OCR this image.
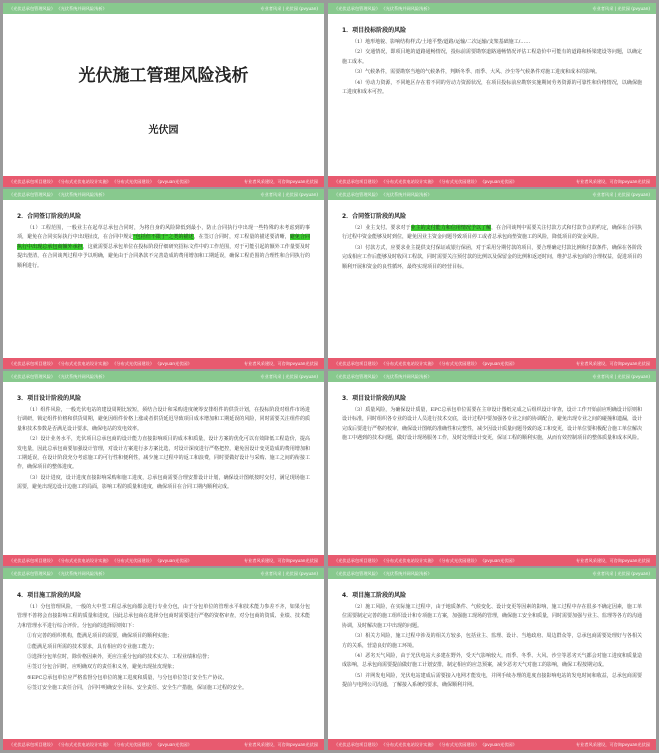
《光伏总承包管理风险》 《光伏系统并网风险浅析》	专业者风采 | 光伏园 (pvyuan)
光伏施工管理风险浅析
光伏园
《光伏总承包项目建设》 《分布式光伏电站设计实施》 《分布式光伏园建设》 《pvyuan光伏园》	专业者风采建设，可咨询pvyuan光伏园
《光伏总承包管理风险》 《光伏系统并网风险浅析》	专业者风采 | 光伏园 (pvyuan)
1．项目投标阶段的风险

（1）地形地貌、影响结构样式/土地平整/道路/运输/二次运输/支架基础施工/……

（2）交通情况，即项目地的道路通畅情况，投标前需要勘察道路通畅情况评估工程造价中可能有的道路和桥梁建设等问题，以确定施工成本。

（3）气候条件，需要勘察当地的气候条件，判断冬季、雨季、大风、沙尘等气候条件对施工进度和成本的影响。

（4）劳动力资源，不同地区存在着不同的劳动力资源状况，在项目投标前应勘察实施期间劳务资源的可靠性和价格情况，以确保施工进度和成本可控。

《光伏总承包项目建设》 《分布式光伏电站设计实施》 《分布式光伏园建设》 《pvyuan光伏园》	专业者风采建设，可咨询pvyuan光伏园
《光伏总承包管理风险》 《光伏系统并网风险浅析》	专业者风采 | 光伏园 (pvyuan)
2．合同签订阶段的风险

（1）工程范围，一般业主在起草总承包合同时，为将自身的风险降低到最小，防止合同执行中出现一些特殊的未考虑到的事项，避免在合同实际执行中出现扯皮，在合同中规定"包括但不限于"之类的描述，在签订合同时，对工程量的描述要清晰，避免合同执行中出现总承包商额外承担，这就需要总承包单位在投标阶段仔细研究招标文件中的工作范围，对于可能引起的额外工作量要及时提出澄清，在合同谈判过程中予以明确，避免由于合同条款不完善造成的费用增加和工期延误，确保工程范围的合理性和合同执行的顺利进行。

《光伏总承包项目建设》 《分布式光伏电站设计实施》 《分布式光伏园建设》 《pvyuan光伏园》	专业者风采建设，可咨询pvyuan光伏园
《光伏总承包管理风险》 《光伏系统并网风险浅析》	专业者风采 | 光伏园 (pvyuan)
2．合同签订阶段的风险

（2）业主支付。要求对于业主的支付能力和信用情况予以了解，在合同谈判中需要关注付款方式和付款节点的约定，确保在合同执行过程中资金能够及时到位，避免因业主资金问题导致项目停工或者总承包商垫资施工的风险，降低项目的资金风险。

（3）付款方式，应要求业主提供支付保证或银行保函，对于采用分期付款的项目，要合理确定付款比例和付款条件，确保在各阶段完成相应工作后能够及时收回工程款，同时需要关注预付款的比例以及保留金的比例和返还时间，维护总承包商的合理权益，促进项目的顺利开展和资金的良性循环，最终实现项目的经营目标。

《光伏总承包项目建设》 《分布式光伏电站设计实施》 《分布式光伏园建设》 《pvyuan光伏园》	专业者风采建设，可咨询pvyuan光伏园
《光伏总承包管理风险》 《光伏系统并网风险浅析》	专业者风采 | 光伏园 (pvyuan)
3．项目设计阶段的风险

（1）组件风险，一般光伏电站的建设周期比较短，须结合设计和采购进度统筹安排组件的供货计划，在投标阶段对组件市场进行调研，锁定组件价格和供货周期，避免因组件价格上涨或者供货延迟导致项目成本增加和工期延误的风险，同时需要关注组件的质量和技术参数是否满足设计要求，确保电站的发电效率。

（2）设计业务水平，光伏项目总承包商的设计能力直接影响项目的成本和质量，设计方案的优化可以有效降低工程造价，提高发电量，因此总承包商要加强设计管理，对设计方案进行多方案比选，对设计深度进行严格把控，避免因设计变更造成的费用增加和工期延误，在设计阶段充分考虑施工的可行性和便利性，减少施工过程中的返工和浪费，同时要做好设计与采购、施工之间的衔接工作，确保项目的整体进度。

（3）设计进度，设计进度直接影响采购和施工进度，总承包商需要合理安排设计计划，确保设计图纸按时交付，满足现场施工需要，避免出现边设计边施工的局面，影响工程的质量和进度，确保项目在合同工期内顺利完成。

《光伏总承包项目建设》 《分布式光伏电站设计实施》 《分布式光伏园建设》 《pvyuan光伏园》	专业者风采建设，可咨询pvyuan光伏园
《光伏总承包管理风险》 《光伏系统并网风险浅析》	专业者风采 | 光伏园 (pvyuan)
3．项目设计阶段的风险

（3）质量风险，为确保设计质量，EPC总承包单位需要在主审设计图纸完成之后组织设计审查，设计工作开始前应明确设计原则和设计标准，同时组织各专业的设计人员进行技术交底，设计过程中要加强各专业之间的协调配合，避免出现专业之间的碰撞和遗漏，设计完成后要进行严格的校审，确保设计图纸的准确性和完整性，减少因设计质量问题导致的返工和变更，设计单位要积极配合施工单位解决施工中遇到的技术问题，做好设计现场服务工作，及时处理设计变更，保证工程的顺利实施，从而有效控制项目的整体质量和成本风险。

《光伏总承包项目建设》 《分布式光伏电站设计实施》 《分布式光伏园建设》 《pvyuan光伏园》	专业者风采建设，可咨询pvyuan光伏园
《光伏总承包管理风险》 《光伏系统并网风险浅析》	专业者风采 | 光伏园 (pvyuan)
4．项目施工阶段的风险

（1）分包管理风险，一般的大中型工程总承包商都会进行专业分包，由于分包单位的管理水平和技术能力参差不齐，如果分包管理不善将会直接影响工程的质量和进度，因此总承包商在选择分包商时需要进行严格的资格审查，对分包商的资质、业绩、技术能力和管理水平进行综合评价。分包商的选择原则如下：

①有完善的组织机构，能满足项目的需要，确保项目的顺利实施；

②能满足项目所需的技术要求，具有相应的专业施工能力；

③选择分包单位时，除价格因素外，更应注重分包商的技术实力、工程业绩和信誉；

④签订分包合同时，应明确双方的责任和义务，避免出现扯皮现象；

⑤EPC总承包单位应严格监督分包单位的施工进度和质量，与分包单位签订安全生产协议。

⑥签订安全施工责任合同，合同中明确安全目标、安全责任、安全生产措施，保证施工过程的安全。

《光伏总承包项目建设》 《分布式光伏电站设计实施》 《分布式光伏园建设》 《pvyuan光伏园》	专业者风采建设，可咨询pvyuan光伏园
《光伏总承包管理风险》 《光伏系统并网风险浅析》	专业者风采 | 光伏园 (pvyuan)
4．项目施工阶段的风险

（2）施工风险，在实际施工过程中，由于地质条件、气候变化、设计变更等因素的影响，施工过程中存在很多不确定因素，施工单位需要制定完善的施工组织设计和专项施工方案，加强施工现场的管理，确保施工安全和质量，同时需要加强与业主、监理等各方的沟通协调，及时解决施工中出现的问题。

（3）相关方风险，施工过程中涉及的相关方较多，包括业主、监理、设计、当地政府、周边群众等，总承包商需要处理好与各相关方的关系，营造良好的施工环境。

（4）恶劣天气风险，由于光伏电站大多建在野外，受天气影响较大，雨季、冬季、大风、沙尘等恶劣天气都会对施工进度和质量造成影响，总承包商需要提前做好施工计划安排，制定相应的应急预案，减少恶劣天气对施工的影响，确保工程按期完成。

（5）并网发电风险，光伏电站建成后需要接入电网才能发电，并网手续办理的进度直接影响电站的发电时间和收益，总承包商需要提前与电网公司沟通，了解接入系统的要求，确保顺利并网。

《光伏总承包项目建设》 《分布式光伏电站设计实施》 《分布式光伏园建设》 《pvyuan光伏园》	专业者风采建设，可咨询pvyuan光伏园
